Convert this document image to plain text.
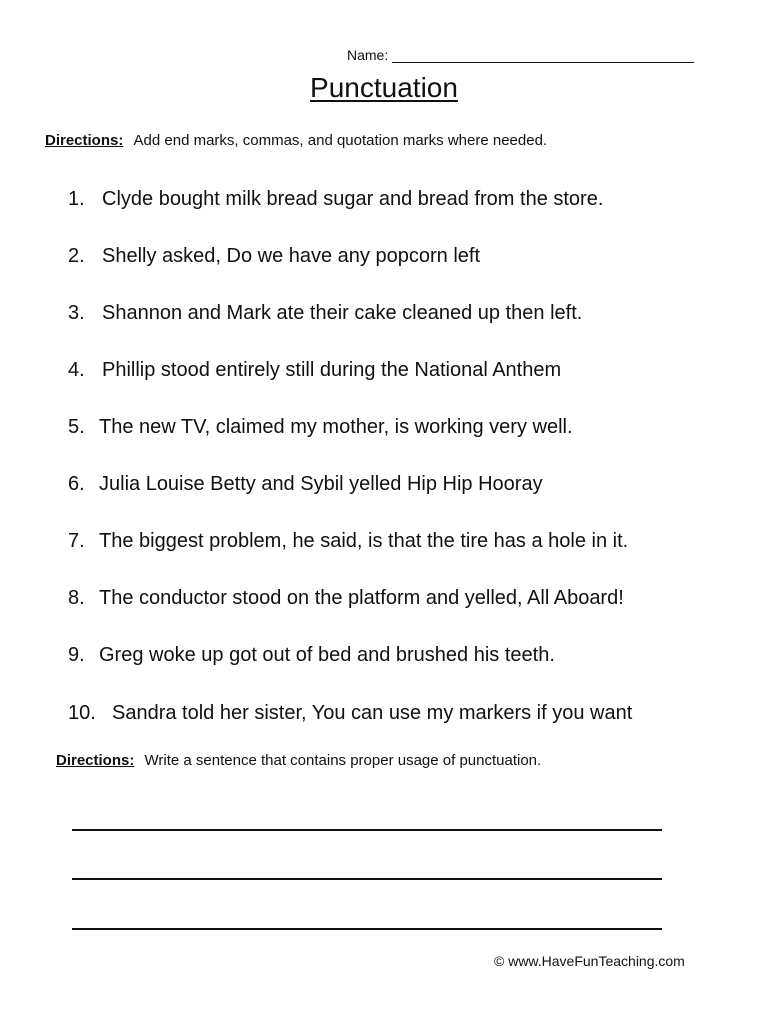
Name:
Punctuation
Directions: Add end marks, commas, and quotation marks where needed.
1. Clyde bought milk bread sugar and bread from the store.
2. Shelly asked, Do we have any popcorn left
3. Shannon and Mark ate their cake cleaned up then left.
4. Phillip stood entirely still during the National Anthem
5. The new TV, claimed my mother, is working very well.
6. Julia Louise Betty and Sybil yelled Hip Hip Hooray
7. The biggest problem, he said, is that the tire has a hole in it.
8. The conductor stood on the platform and yelled, All Aboard!
9. Greg woke up got out of bed and brushed his teeth.
10. Sandra told her sister, You can use my markers if you want
Directions: Write a sentence that contains proper usage of punctuation.
© www.HaveFunTeaching.com
